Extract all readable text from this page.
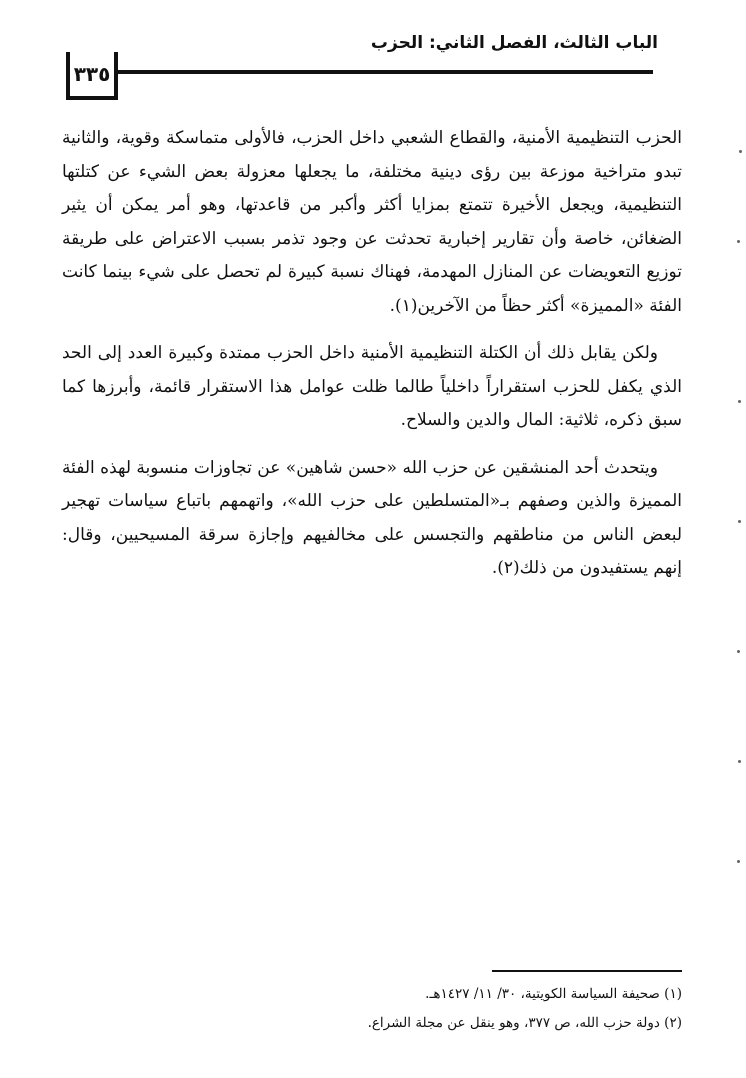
الباب الثالث، الفصل الثاني: الحزب
٣٣٥

الحزب التنظيمية الأمنية، والقطاع الشعبي داخل الحزب، فالأولى متماسكة وقوية، والثانية تبدو متراخية موزعة بين رؤى دينية مختلفة، ما يجعلها معزولة بعض الشيء عن كتلتها التنظيمية، ويجعل الأخيرة تتمتع بمزايا أكثر وأكبر من قاعدتها، وهو أمر يمكن أن يثير الضغائن، خاصة وأن تقارير إخبارية تحدثت عن وجود تذمر بسبب الاعتراض على طريقة توزيع التعويضات عن المنازل المهدمة، فهناك نسبة كبيرة لم تحصل على شيء بينما كانت الفئة «المميزة» أكثر حظاً من الآخرين(١).

ولكن يقابل ذلك أن الكتلة التنظيمية الأمنية داخل الحزب ممتدة وكبيرة العدد إلى الحد الذي يكفل للحزب استقراراً داخلياً طالما ظلت عوامل هذا الاستقرار قائمة، وأبرزها كما سبق ذكره، ثلاثية: المال والدين والسلاح.

ويتحدث أحد المنشقين عن حزب الله «حسن شاهين» عن تجاوزات منسوبة لهذه الفئة المميزة والذين وصفهم بـ«المتسلطين على حزب الله»، واتهمهم باتباع سياسات تهجير لبعض الناس من مناطقهم والتجسس على مخالفيهم وإجازة سرقة المسيحيين، وقال: إنهم يستفيدون من ذلك(٢).

(١) صحيفة السياسة الكويتية، ٣٠/ ١١/ ١٤٢٧هـ.

(٢) دولة حزب الله، ص ٣٧٧، وهو ينقل عن مجلة الشراع.
